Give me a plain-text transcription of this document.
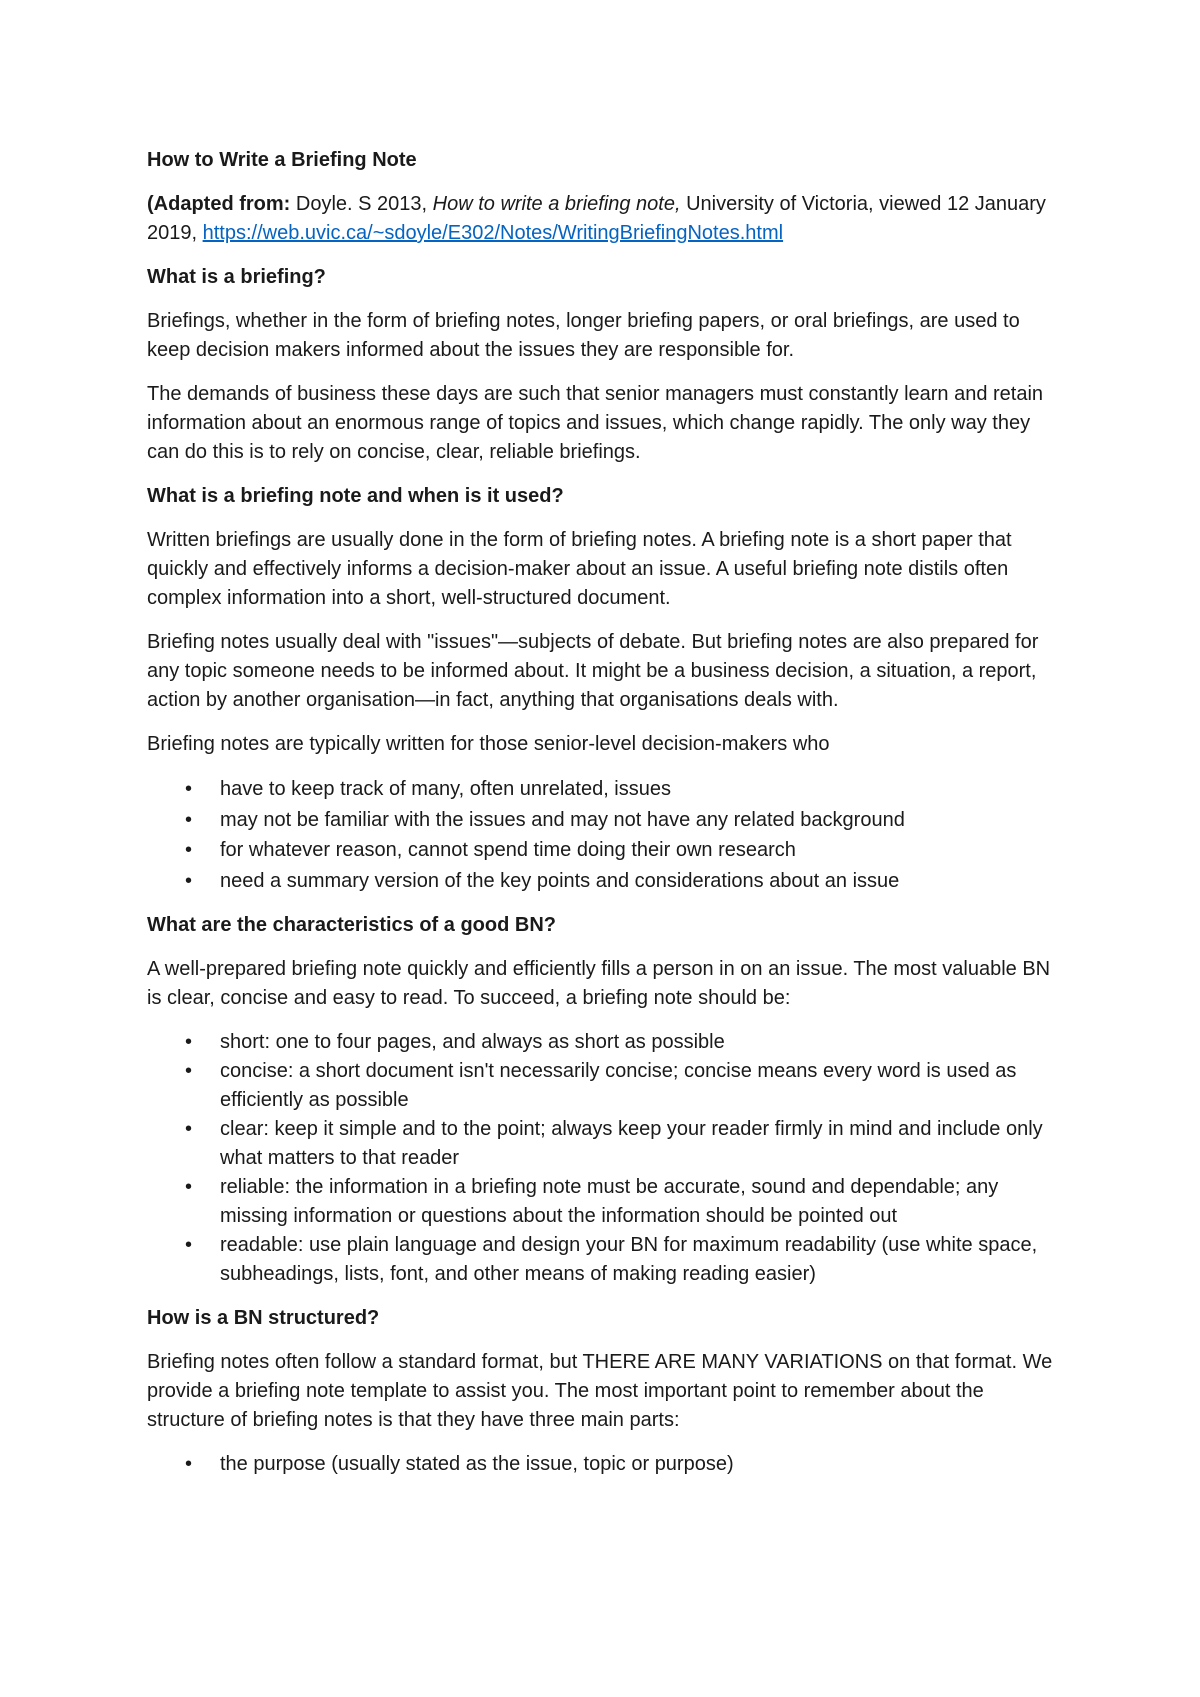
How to Write a Briefing Note

(Adapted from: Doyle. S 2013, How to write a briefing note, University of Victoria, viewed 12 January 2019, https://web.uvic.ca/~sdoyle/E302/Notes/WritingBriefingNotes.html

What is a briefing?

Briefings, whether in the form of briefing notes, longer briefing papers, or oral briefings, are used to keep decision makers informed about the issues they are responsible for.

The demands of business these days are such that senior managers must constantly learn and retain information about an enormous range of topics and issues, which change rapidly. The only way they can do this is to rely on concise, clear, reliable briefings.

What is a briefing note and when is it used?

Written briefings are usually done in the form of briefing notes. A briefing note is a short paper that quickly and effectively informs a decision-maker about an issue. A useful briefing note distils often complex information into a short, well-structured document.

Briefing notes usually deal with "issues"—subjects of debate. But briefing notes are also prepared for any topic someone needs to be informed about. It might be a business decision, a situation, a report, action by another organisation—in fact, anything that organisations deals with.

Briefing notes are typically written for those senior-level decision-makers who

• have to keep track of many, often unrelated, issues
• may not be familiar with the issues and may not have any related background
• for whatever reason, cannot spend time doing their own research
• need a summary version of the key points and considerations about an issue
What are the characteristics of a good BN?

A well-prepared briefing note quickly and efficiently fills a person in on an issue. The most valuable BN is clear, concise and easy to read. To succeed, a briefing note should be:

• short: one to four pages, and always as short as possible
• concise: a short document isn't necessarily concise; concise means every word is used as efficiently as possible
• clear: keep it simple and to the point; always keep your reader firmly in mind and include only what matters to that reader
• reliable: the information in a briefing note must be accurate, sound and dependable; any missing information or questions about the information should be pointed out
• readable: use plain language and design your BN for maximum readability (use white space, subheadings, lists, font, and other means of making reading easier)
How is a BN structured?

Briefing notes often follow a standard format, but THERE ARE MANY VARIATIONS on that format. We provide a briefing note template to assist you. The most important point to remember about the structure of briefing notes is that they have three main parts:

• the purpose (usually stated as the issue, topic or purpose)
